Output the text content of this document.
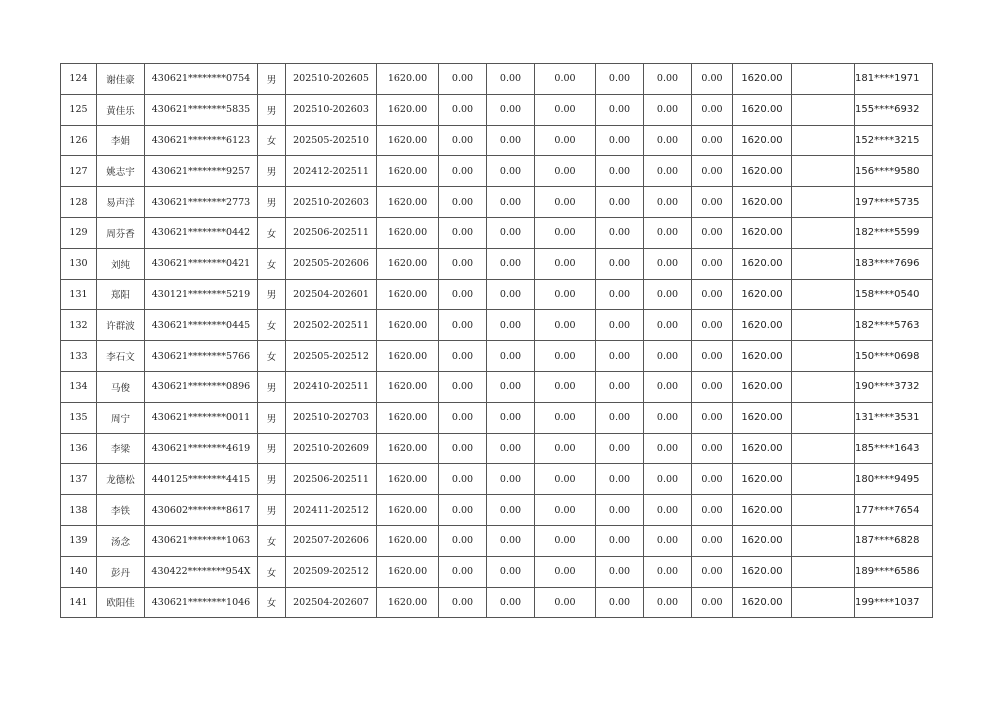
124	谢佳豪	430621********0754	男	202510-202605	1620.00	0.00	0.00	0.00	0.00	0.00	0.00	1620.00		181****1971
125	黄佳乐	430621********5835	男	202510-202603	1620.00	0.00	0.00	0.00	0.00	0.00	0.00	1620.00		155****6932
126	李娟	430621********6123	女	202505-202510	1620.00	0.00	0.00	0.00	0.00	0.00	0.00	1620.00		152****3215
127	姚志宇	430621********9257	男	202412-202511	1620.00	0.00	0.00	0.00	0.00	0.00	0.00	1620.00		156****9580
128	易声洋	430621********2773	男	202510-202603	1620.00	0.00	0.00	0.00	0.00	0.00	0.00	1620.00		197****5735
129	周芬香	430621********0442	女	202506-202511	1620.00	0.00	0.00	0.00	0.00	0.00	0.00	1620.00		182****5599
130	刘纯	430621********0421	女	202505-202606	1620.00	0.00	0.00	0.00	0.00	0.00	0.00	1620.00		183****7696
131	郑阳	430121********5219	男	202504-202601	1620.00	0.00	0.00	0.00	0.00	0.00	0.00	1620.00		158****0540
132	许群波	430621********0445	女	202502-202511	1620.00	0.00	0.00	0.00	0.00	0.00	0.00	1620.00		182****5763
133	李石文	430621********5766	女	202505-202512	1620.00	0.00	0.00	0.00	0.00	0.00	0.00	1620.00		150****0698
134	马俊	430621********0896	男	202410-202511	1620.00	0.00	0.00	0.00	0.00	0.00	0.00	1620.00		190****3732
135	周宁	430621********0011	男	202510-202703	1620.00	0.00	0.00	0.00	0.00	0.00	0.00	1620.00		131****3531
136	李梁	430621********4619	男	202510-202609	1620.00	0.00	0.00	0.00	0.00	0.00	0.00	1620.00		185****1643
137	龙德松	440125********4415	男	202506-202511	1620.00	0.00	0.00	0.00	0.00	0.00	0.00	1620.00		180****9495
138	李铁	430602********8617	男	202411-202512	1620.00	0.00	0.00	0.00	0.00	0.00	0.00	1620.00		177****7654
139	汤念	430621********1063	女	202507-202606	1620.00	0.00	0.00	0.00	0.00	0.00	0.00	1620.00		187****6828
140	彭丹	430422********954X	女	202509-202512	1620.00	0.00	0.00	0.00	0.00	0.00	0.00	1620.00		189****6586
141	欧阳佳	430621********1046	女	202504-202607	1620.00	0.00	0.00	0.00	0.00	0.00	0.00	1620.00		199****1037
